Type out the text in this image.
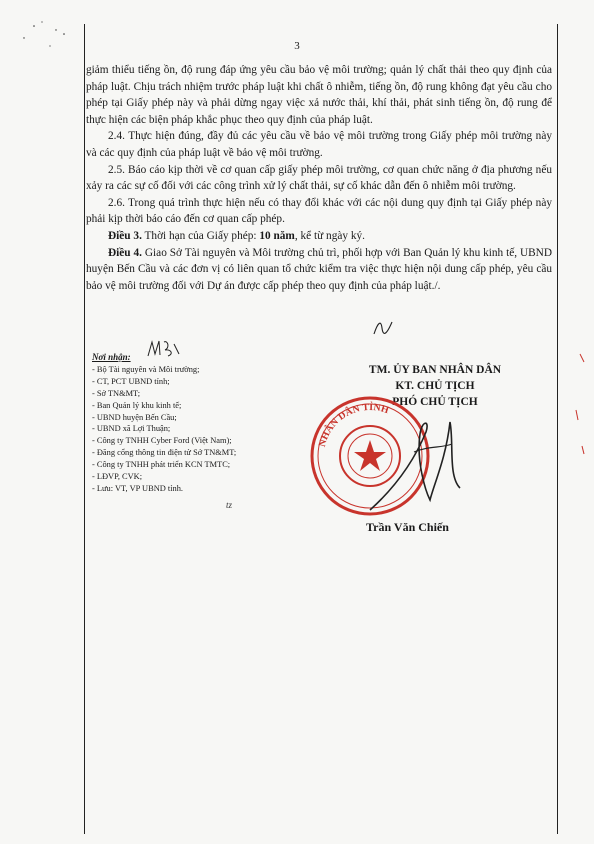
3

giảm thiểu tiếng ồn, độ rung đáp ứng yêu cầu bảo vệ môi trường; quản lý chất thải theo quy định của pháp luật. Chịu trách nhiệm trước pháp luật khi chất ô nhiễm, tiếng ồn, độ rung không đạt yêu cầu cho phép tại Giấy phép này và phải dừng ngay việc xả nước thải, khí thải, phát sinh tiếng ồn, độ rung để thực hiện các biện pháp khắc phục theo quy định của pháp luật.

2.4. Thực hiện đúng, đầy đủ các yêu cầu về bảo vệ môi trường trong Giấy phép môi trường này và các quy định của pháp luật về bảo vệ môi trường.

2.5. Báo cáo kịp thời về cơ quan cấp giấy phép môi trường, cơ quan chức năng ở địa phương nếu xảy ra các sự cố đối với các công trình xử lý chất thải, sự cố khác dẫn đến ô nhiễm môi trường.

2.6. Trong quá trình thực hiện nếu có thay đổi khác với các nội dung quy định tại Giấy phép này phải kịp thời báo cáo đến cơ quan cấp phép.

Điều 3. Thời hạn của Giấy phép: 10 năm, kể từ ngày ký.

Điều 4. Giao Sở Tài nguyên và Môi trường chủ trì, phối hợp với Ban Quản lý khu kinh tế, UBND huyện Bến Cầu và các đơn vị có liên quan tổ chức kiểm tra việc thực hiện nội dung cấp phép, yêu cầu bảo vệ môi trường đối với Dự án được cấp phép theo quy định của pháp luật./.

Nơi nhận:
- Bộ Tài nguyên và Môi trường;
- CT, PCT UBND tỉnh;
- Sở TN&MT;
- Ban Quản lý khu kinh tế;
- UBND huyện Bến Cầu;
- UBND xã Lợi Thuận;
- Công ty TNHH Cyber Ford (Việt Nam);
- Đăng cổng thông tin điện tử Sở TN&MT;
- Công ty TNHH phát triển KCN TMTC;
- LĐVP, CVK;
- Lưu: VT, VP UBND tỉnh.
tz
TM. ỦY BAN NHÂN DÂN
KT. CHỦ TỊCH
PHÓ CHỦ TỊCH
NHÂN DÂN TỈNH
Trần Văn Chiến
